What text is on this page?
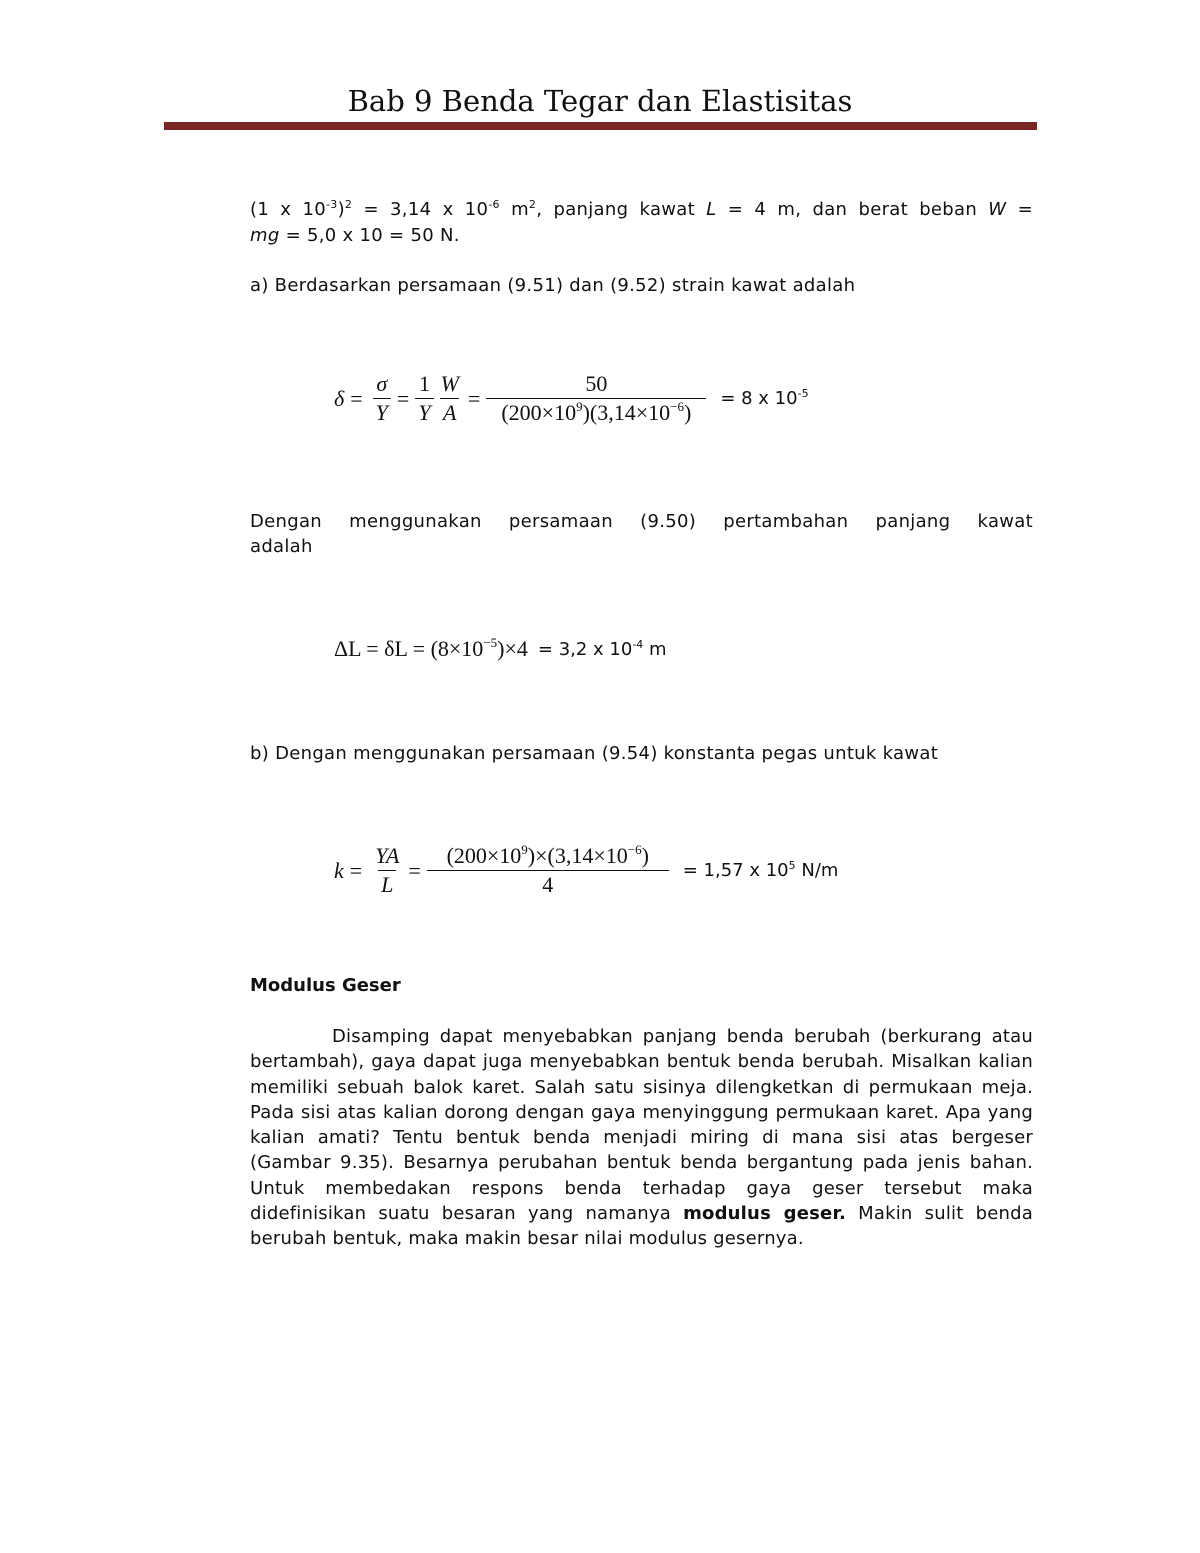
Bab 9 Benda Tegar dan Elastisitas
(1 x $10^{-3})^2 = 3,14$ x $10^{-6}$ $m^2$, panjang kawat L = 4 m, dan berat beban W =
mg = 5,0 x 10 = 50 N.
a) Berdasarkan persamaan (9.51) dan (9.52) strain kawat adalah
$\delta = \frac{\sigma}{Y} = \frac{1}{Y} \frac{W}{A} = \frac{50}{(200\times 10^9)(3,14\times 10^{-6})} = 8$ x $10^{-5}$
Dengan menggunakan persamaan (9.50) pertambahan panjang kawat
adalah
$\Delta L = \delta L = (8\times 10^{-5})\times 4 = 3,2$ x $10^{-4}$ m
b) Dengan menggunakan persamaan (9.54) konstanta pegas untuk kawat
$k = \frac{YA}{L} = \frac{(200\times 10^9)\times(3,14\times 10^{-6})}{4} = 1,57$ x $10^5$ N/m
Modulus Geser
Disamping dapat menyebabkan panjang benda berubah (berkurang atau bertambah), gaya dapat juga menyebabkan bentuk benda berubah. Misalkan kalian memiliki sebuah balok karet. Salah satu sisinya dilengketkan di permukaan meja. Pada sisi atas kalian dorong dengan gaya menyinggung permukaan karet. Apa yang kalian amati? Tentu bentuk benda menjadi miring di mana sisi atas bergeser (Gambar 9.35). Besarnya perubahan bentuk benda bergantung pada jenis bahan. Untuk membedakan respons benda terhadap gaya geser tersebut maka didefinisikan suatu besaran yang namanya modulus geser. Makin sulit benda berubah bentuk, maka makin besar nilai modulus gesernya.
